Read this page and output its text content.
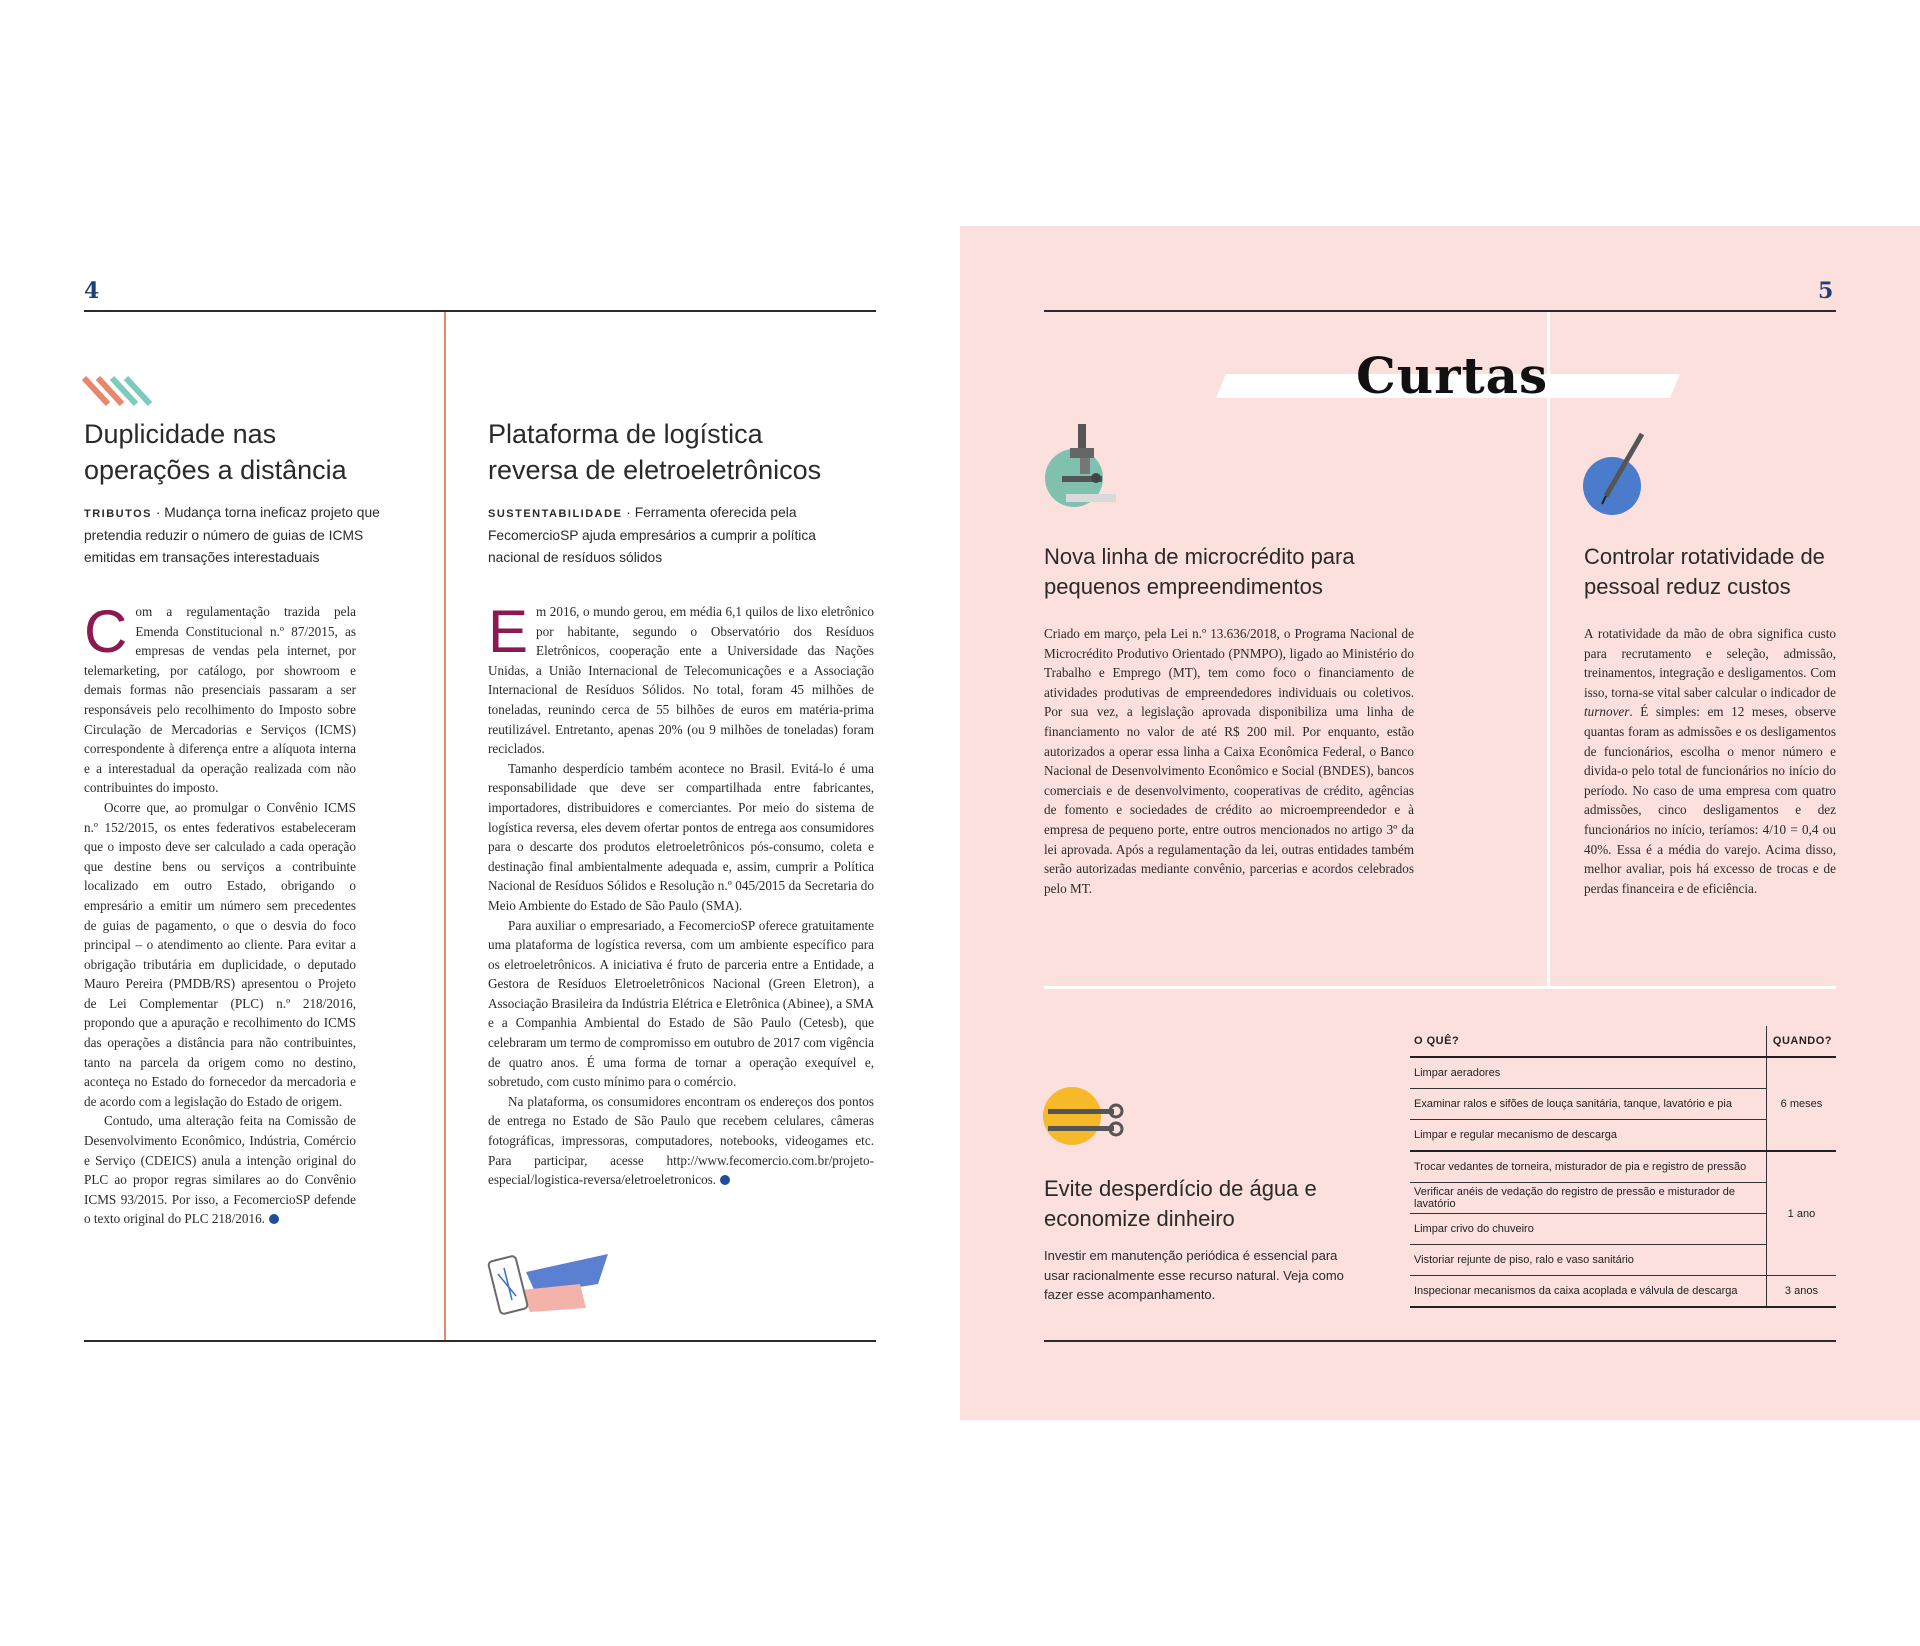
4
Duplicidade nas operações a distância

TRIBUTOS · Mudança torna ineficaz projeto que pretendia reduzir o número de guias de ICMS emitidas em transações interestaduais

C om a regulamentação trazida pela Emenda Constitucional n.º 87/2015, as empresas de vendas pela internet, por telemarketing, por catálogo, por showroom e demais formas não presenciais passaram a ser responsáveis pelo recolhimento do Imposto sobre Circulação de Mercadorias e Serviços (ICMS) correspondente à diferença entre a alíquota interna e a interestadual da operação realizada com não contribuintes do imposto.

Ocorre que, ao promulgar o Convênio ICMS n.º 152/2015, os entes federativos estabeleceram que o imposto deve ser calculado a cada operação que destine bens ou serviços a contribuinte localizado em outro Estado, obrigando o empresário a emitir um número sem precedentes de guias de pagamento, o que o desvia do foco principal – o atendimento ao cliente. Para evitar a obrigação tributária em duplicidade, o deputado Mauro Pereira (PMDB/RS) apresentou o Projeto de Lei Complementar (PLC) n.º 218/2016, propondo que a apuração e recolhimento do ICMS das operações a distância para não contribuintes, tanto na parcela da origem como no destino, aconteça no Estado do fornecedor da mercadoria e de acordo com a legislação do Estado de origem.

Contudo, uma alteração feita na Comissão de Desenvolvimento Econômico, Indústria, Comércio e Serviço (CDEICS) anula a intenção original do PLC ao propor regras similares ao do Convênio ICMS 93/2015. Por isso, a FecomercioSP defende o texto original do PLC 218/2016.

Plataforma de logística reversa de eletroeletrônicos

SUSTENTABILIDADE · Ferramenta oferecida pela FecomercioSP ajuda empresários a cumprir a política nacional de resíduos sólidos

E m 2016, o mundo gerou, em média 6,1 quilos de lixo eletrônico por habitante, segundo o Observatório dos Resíduos Eletrônicos, cooperação ente a Universidade das Nações Unidas, a União Internacional de Telecomunicações e a Associação Internacional de Resíduos Sólidos. No total, foram 45 milhões de toneladas, reunindo cerca de 55 bilhões de euros em matéria-prima reutilizável. Entretanto, apenas 20% (ou 9 milhões de toneladas) foram reciclados.

Tamanho desperdício também acontece no Brasil. Evitá-lo é uma responsabilidade que deve ser compartilhada entre fabricantes, importadores, distribuidores e comerciantes. Por meio do sistema de logística reversa, eles devem ofertar pontos de entrega aos consumidores para o descarte dos produtos eletroeletrônicos pós-consumo, coleta e destinação final ambientalmente adequada e, assim, cumprir a Política Nacional de Resíduos Sólidos e Resolução n.º 045/2015 da Secretaria do Meio Ambiente do Estado de São Paulo (SMA).

Para auxiliar o empresariado, a FecomercioSP oferece gratuitamente uma plataforma de logística reversa, com um ambiente específico para os eletroeletrônicos. A iniciativa é fruto de parceria entre a Entidade, a Gestora de Resíduos Eletroeletrônicos Nacional (Green Eletron), a Associação Brasileira da Indústria Elétrica e Eletrônica (Abinee), a SMA e a Companhia Ambiental do Estado de São Paulo (Cetesb), que celebraram um termo de compromisso em outubro de 2017 com vigência de quatro anos. É uma forma de tornar a operação exequível e, sobretudo, com custo mínimo para o comércio.

Na plataforma, os consumidores encontram os endereços dos pontos de entrega no Estado de São Paulo que recebem celulares, câmeras fotográficas, impressoras, computadores, notebooks, videogames etc. Para participar, acesse http://www.fecomercio.com.br/projeto-especial/logistica-reversa/eletroeletronicos.

5
Curtas
Nova linha de microcrédito para pequenos empreendimentos

Criado em março, pela Lei n.º 13.636/2018, o Programa Nacional de Microcrédito Produtivo Orientado (PNMPO), ligado ao Ministério do Trabalho e Emprego (MT), tem como foco o financiamento de atividades produtivas de empreendedores individuais ou coletivos. Por sua vez, a legislação aprovada disponibiliza uma linha de financiamento no valor de até R$ 200 mil. Por enquanto, estão autorizados a operar essa linha a Caixa Econômica Federal, o Banco Nacional de Desenvolvimento Econômico e Social (BNDES), bancos comerciais e de desenvolvimento, cooperativas de crédito, agências de fomento e sociedades de crédito ao microempreendedor e à empresa de pequeno porte, entre outros mencionados no artigo 3º da lei aprovada. Após a regulamentação da lei, outras entidades também serão autorizadas mediante convênio, parcerias e acordos celebrados pelo MT.

Controlar rotatividade de pessoal reduz custos

A rotatividade da mão de obra significa custo para recrutamento e seleção, admissão, treinamentos, integração e desligamentos. Com isso, torna-se vital saber calcular o indicador de turnover. É simples: em 12 meses, observe quantas foram as admissões e os desligamentos de funcionários, escolha o menor número e divida-o pelo total de funcionários no início do período. No caso de uma empresa com quatro admissões, cinco desligamentos e dez funcionários no início, teríamos: 4/10 = 0,4 ou 40%. Essa é a média do varejo. Acima disso, melhor avaliar, pois há excesso de trocas e de perdas financeira e de eficiência.

Evite desperdício de água e economize dinheiro

Investir em manutenção periódica é essencial para usar racionalmente esse recurso natural. Veja como fazer esse acompanhamento.

O QUÊ?	QUANDO?
Limpar aeradores	6 meses
Examinar ralos e sifões de louça sanitária, tanque, lavatório e pia	
Limpar e regular mecanismo de descarga	
Trocar vedantes de torneira, misturador de pia e registro de pressão	1 ano
Verificar anéis de vedação do registro de pressão e misturador de lavatório	
Limpar crivo do chuveiro	
Vistoriar rejunte de piso, ralo e vaso sanitário	
Inspecionar mecanismos da caixa acoplada e válvula de descarga	3 anos
